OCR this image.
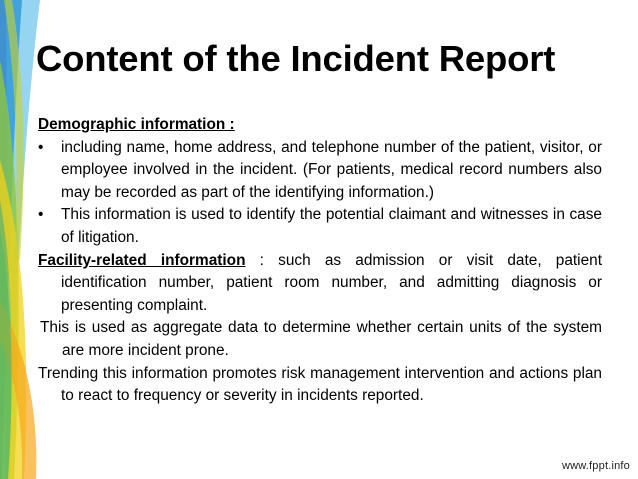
Content of the Incident Report
Demographic information :
•	including name, home address, and telephone number of the patient, visitor, or employee involved in the incident. (For patients, medical record numbers also may be recorded as part of the identifying information.)
•	This information is used to identify the potential claimant and witnesses in case of litigation.
Facility-related information : such as admission or visit date, patient identification number, patient room number, and admitting diagnosis or presenting complaint.
This is used as aggregate data to determine whether certain units of the system are more incident prone.
Trending this information promotes risk management intervention and actions plan to react to frequency or severity in incidents reported.
www.fppt.info
